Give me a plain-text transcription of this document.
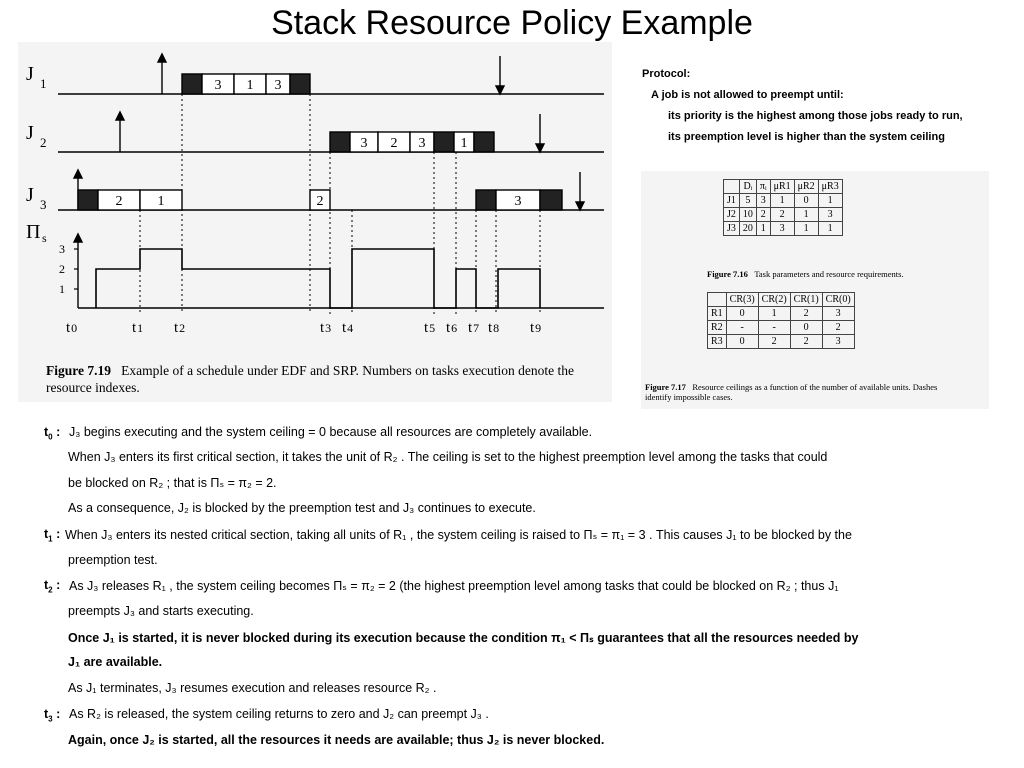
Stack Resource Policy Example
J 1
J 2
J 3
Π s
3 1 3
3 2 3	1
2	1	2	3
3
2
1
t0	t1 t2	t3 t4	t5 t6 t7 t8 t9
Figure 7.19 Example of a schedule under EDF and SRP. Numbers on tasks execution denote the resource indexes.
Protocol:
A job is not allowed to preempt until:
its priority is the highest among those jobs ready to run,
its preemption level is higher than the system ceiling
	Dᵢ	πᵢ	μR1	μR2	μR3
J1	5	3	1	0	1
J2	10	2	2	1	3
J3	20	1	3	1	1
Figure 7.16 Task parameters and resource requirements.
	CR(3)	CR(2)	CR(1)	CR(0)
R1	0	1	2	3
R2	-	-	0	2
R3	0	2	2	3
Figure 7.17 Resource ceilings as a function of the number of available units. Dashes
identify impossible cases.
$t_0$ : J₃ begins executing and the system ceiling = 0 because all resources are completely available.
When J₃ enters its first critical section, it takes the unit of R₂ . The ceiling is set to the highest preemption level among the tasks that could
be blocked on R₂ ; that is Πₛ = π₂ = 2.
As a consequence, J₂ is blocked by the preemption test and J₃ continues to execute.
$t_1$ : When J₃ enters its nested critical section, taking all units of R₁ , the system ceiling is raised to Πₛ = π₁ = 3 . This causes J₁ to be blocked by the
preemption test.
$t_2$ : As J₃ releases R₁ , the system ceiling becomes Πₛ = π₂ = 2 (the highest preemption level among tasks that could be blocked on R₂ ; thus J₁
preempts J₃ and starts executing.
Once J₁ is started, it is never blocked during its execution because the condition π₁ < Πₛ guarantees that all the resources needed by
J₁ are available.
As J₁ terminates, J₃ resumes execution and releases resource R₂ .
$t_3$ : As R₂ is released, the system ceiling returns to zero and J₂ can preempt J₃ .
Again, once J₂ is started, all the resources it needs are available; thus J₂ is never blocked.
